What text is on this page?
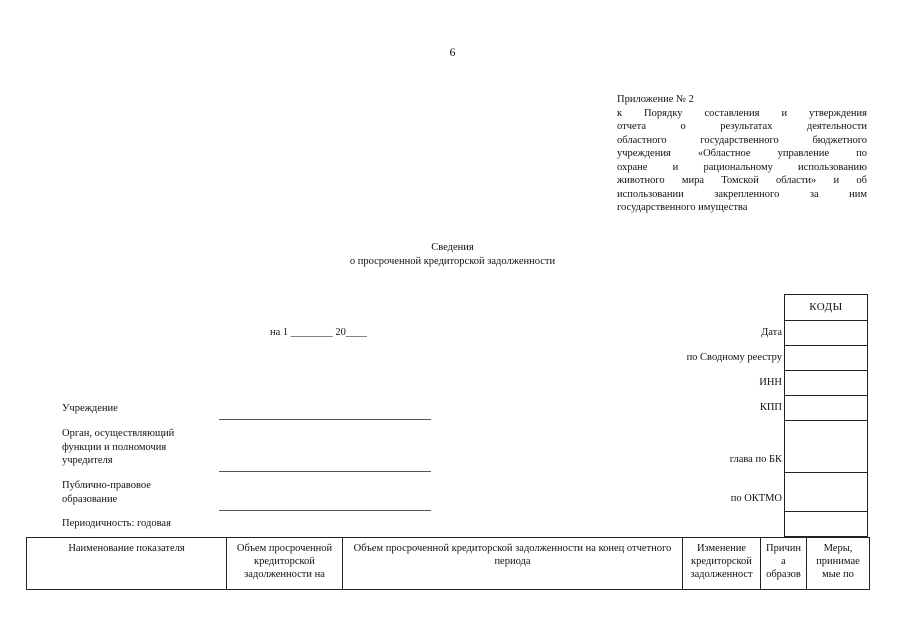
6
Приложение № 2
к Порядку составления и утверждения
отчета о результатах деятельности
областного государственного бюджетного
учреждения «Областное управление по
охране и рациональному использованию
животного мира Томской области» и об
использовании закрепленного за ним
государственного имущества
Сведения
о просроченной кредиторской задолженности
на 1 ________ 20____
КОДЫ
Дата
по Сводному реестру
ИНН
КПП
глава по БК
по ОКТМО
Учреждение
Орган, осуществляющий
функции и полномочия
учредителя
Публично-правовое
образование
Периодичность: годовая
Наименование показателя	Объем просроченной кредиторской задолженности на	Объем просроченной кредиторской задолженности на конец отчетного периода	Изменение кредиторской задолженност	Причин а образов	Меры, принимае мые по
